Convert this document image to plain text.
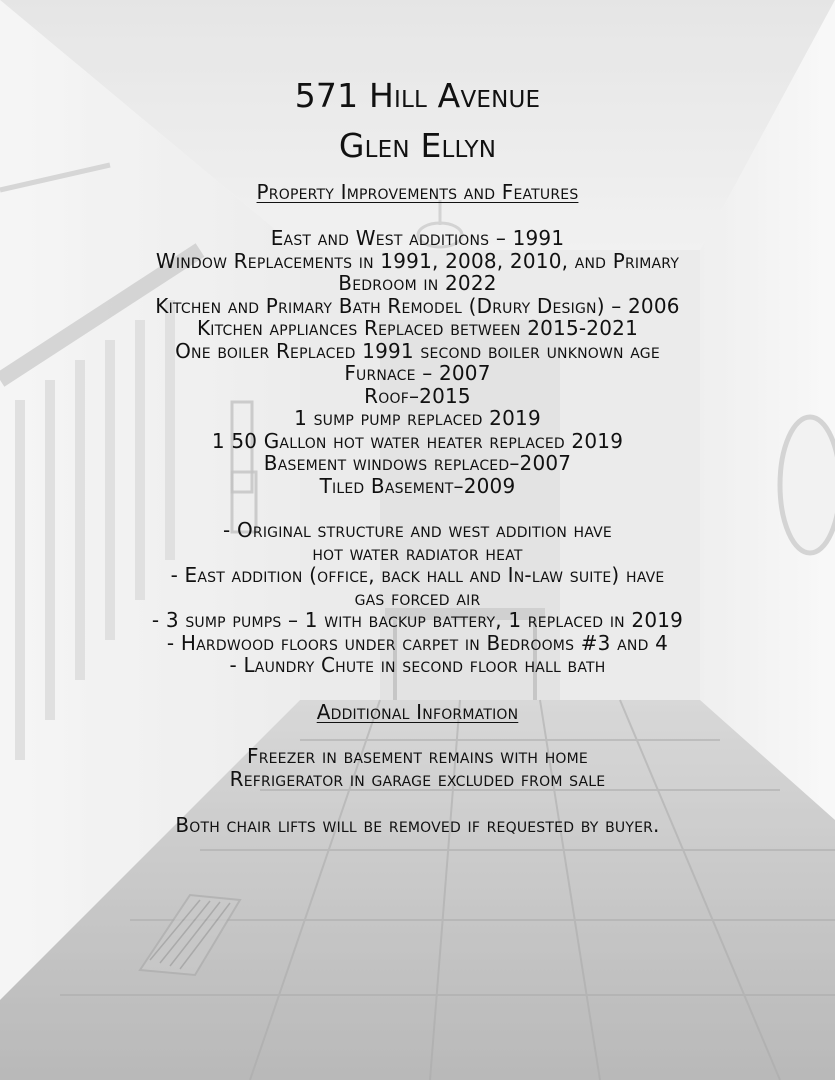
571 Hill Avenue
Glen Ellyn
Property Improvements and Features
East and West additions – 1991
Window Replacements in 1991, 2008, 2010, and Primary
Bedroom in 2022
Kitchen and Primary Bath Remodel (Drury Design) – 2006
Kitchen appliances Replaced between 2015-2021
One boiler Replaced 1991 second boiler unknown age
Furnace – 2007
Roof–2015
1 sump pump replaced 2019
1 50 Gallon hot water heater replaced 2019
Basement windows replaced–2007
Tiled Basement–2009
- Original structure and west addition have
hot water radiator heat
- East addition (office, back hall and In-law suite) have
gas forced air
- 3 sump pumps – 1 with backup battery, 1 replaced in 2019
- Hardwood floors under carpet in Bedrooms #3 and 4
- Laundry Chute in second floor hall bath
Additional Information
Freezer in basement remains with home
Refrigerator in garage excluded from sale
Both chair lifts will be removed if requested by buyer.
